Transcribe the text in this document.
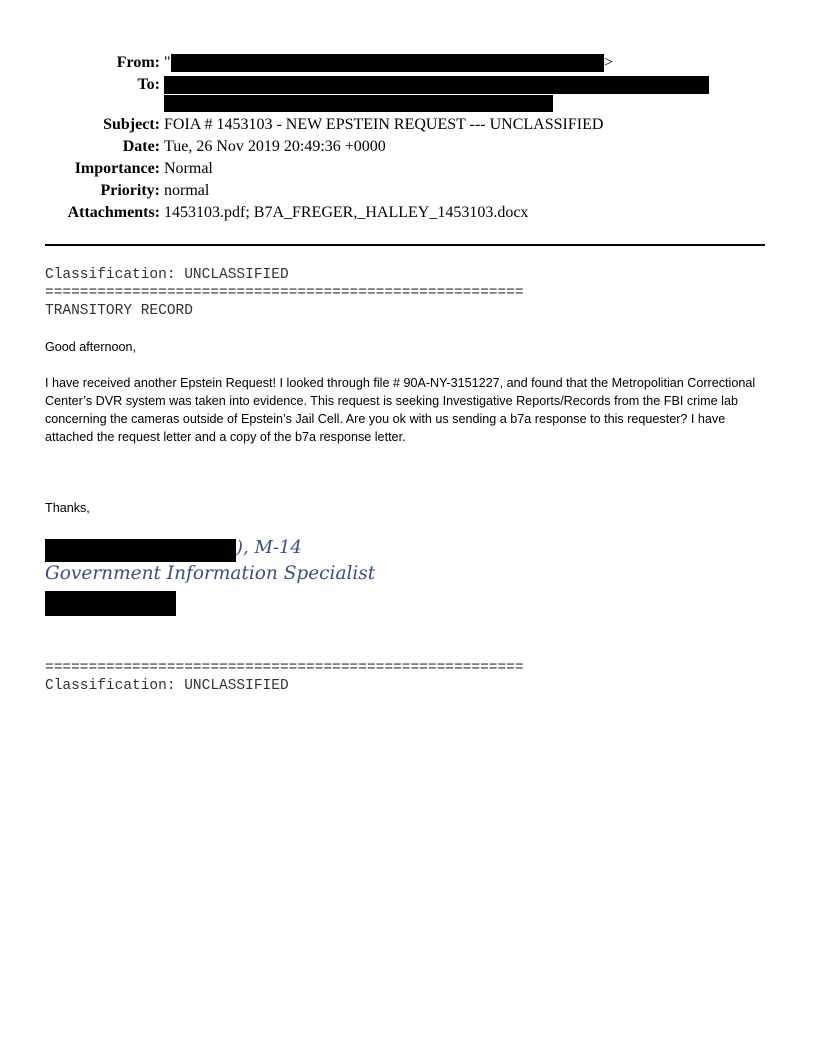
From: "	>
To:
Subject: FOIA # 1453103 - NEW EPSTEIN REQUEST --- UNCLASSIFIED
Date: Tue, 26 Nov 2019 20:49:36 +0000
Importance: Normal
Priority: normal
Attachments: 1453103.pdf; B7A_FREGER,_HALLEY_1453103.docx
Classification: UNCLASSIFIED
=======================================================
TRANSITORY RECORD
Good afternoon,
I have received another Epstein Request! I looked through file # 90A-NY-3151227, and found that the Metropolitian Correctional Center’s DVR system was taken into evidence. This request is seeking Investigative Reports/Records from the FBI crime lab concerning the cameras outside of Epstein’s Jail Cell. Are you ok with us sending a b7a response to this requester? I have attached the request letter and a copy of the b7a response letter.
Thanks,
), M-14
Government Information Specialist
=======================================================
Classification: UNCLASSIFIED
